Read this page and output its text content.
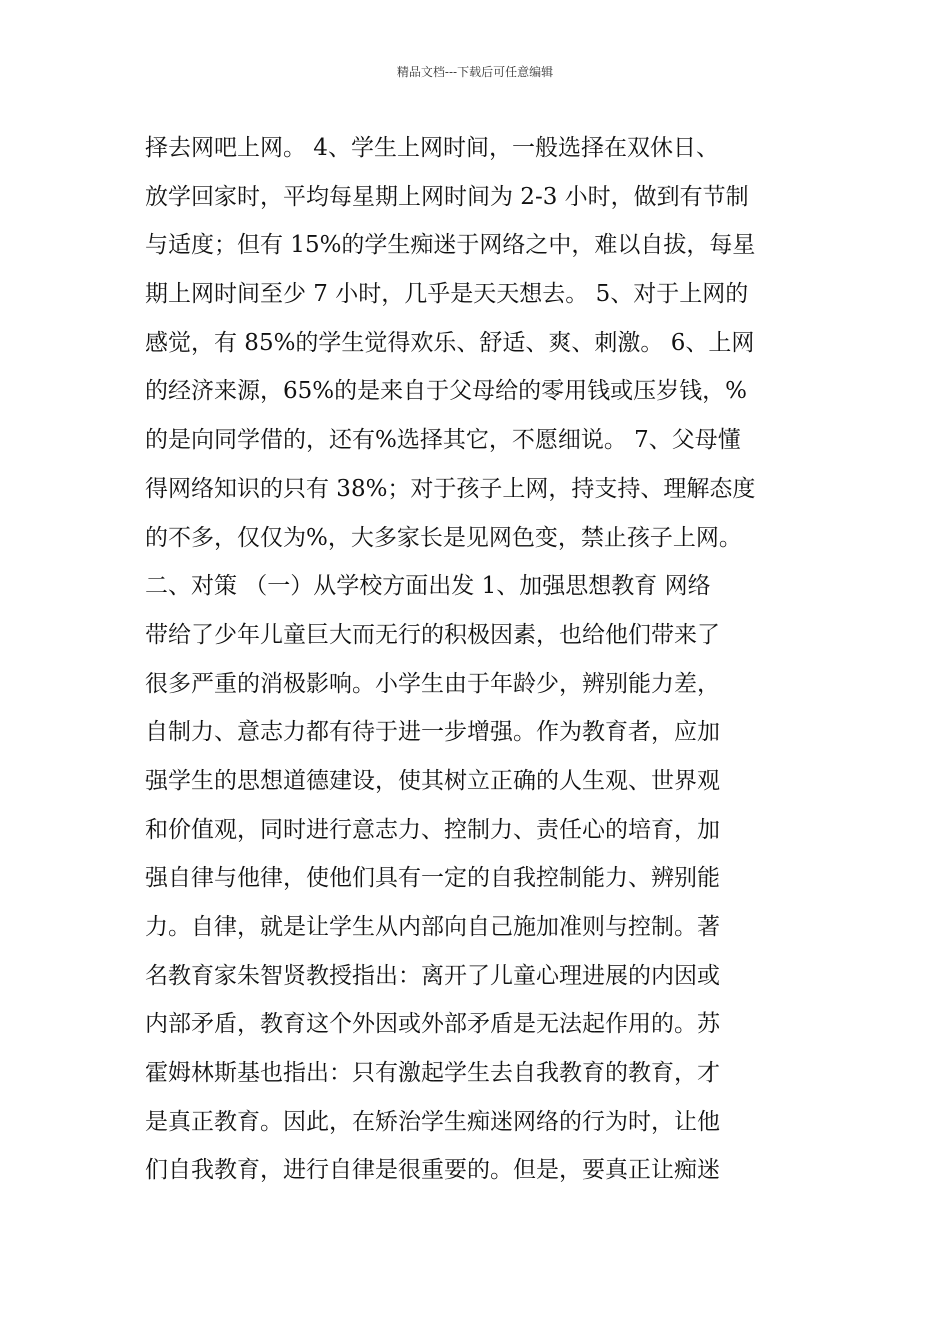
精品文档---下载后可任意编辑
择去网吧上网。 4、学生上网时间，一般选择在双休日、
放学回家时，平均每星期上网时间为 2-3 小时，做到有节制
与适度；但有 15%的学生痴迷于网络之中，难以自拔，每星
期上网时间至少 7 小时，几乎是天天想去。 5、对于上网的
感觉，有 85%的学生觉得欢乐、舒适、爽、刺激。 6、上网
的经济来源，65%的是来自于父母给的零用钱或压岁钱，%
的是向同学借的，还有%选择其它，不愿细说。 7、父母懂
得网络知识的只有 38%；对于孩子上网，持支持、理解态度
的不多，仅仅为%，大多家长是见网色变，禁止孩子上网。
二、对策 （一）从学校方面出发 1、加强思想教育 网络
带给了少年儿童巨大而无行的积极因素，也给他们带来了
很多严重的消极影响。小学生由于年龄少，辨别能力差，
自制力、意志力都有待于进一步增强。作为教育者，应加
强学生的思想道德建设，使其树立正确的人生观、世界观
和价值观，同时进行意志力、控制力、责任心的培育，加
强自律与他律，使他们具有一定的自我控制能力、辨别能
力。自律，就是让学生从内部向自己施加准则与控制。著
名教育家朱智贤教授指出：离开了儿童心理进展的内因或
内部矛盾，教育这个外因或外部矛盾是无法起作用的。苏
霍姆林斯基也指出：只有激起学生去自我教育的教育，才
是真正教育。因此，在矫治学生痴迷网络的行为时，让他
们自我教育，进行自律是很重要的。但是，要真正让痴迷
